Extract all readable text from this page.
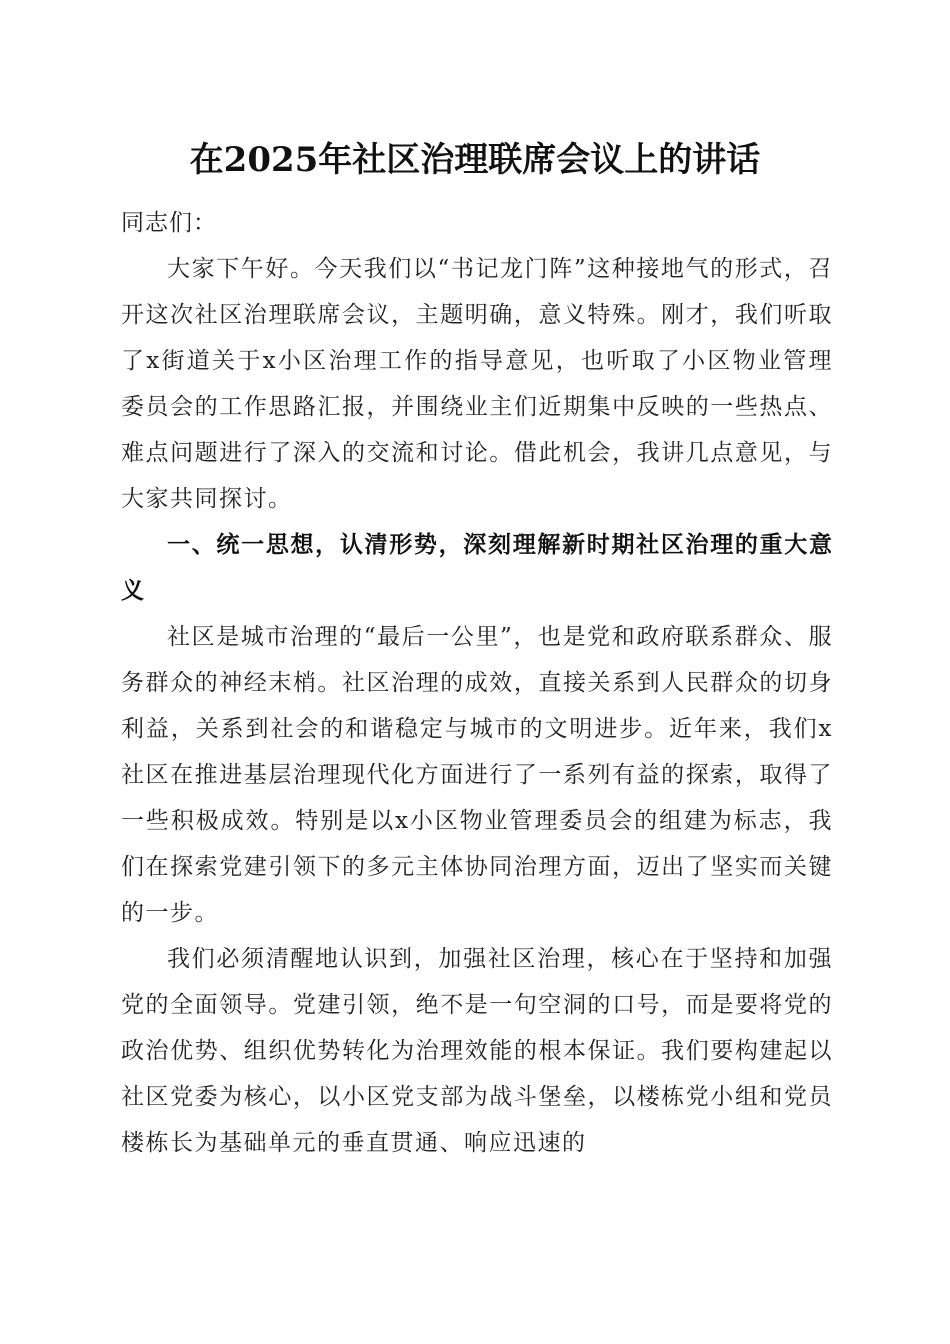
在2025年社区治理联席会议上的讲话

同志们：

大家下午好。今天我们以“书记龙门阵”这种接地气的形式，召开这次社区治理联席会议，主题明确，意义特殊。刚才，我们听取了x街道关于x小区治理工作的指导意见，也听取了小区物业管理委员会的工作思路汇报，并围绕业主们近期集中反映的一些热点、难点问题进行了深入的交流和讨论。借此机会，我讲几点意见，与大家共同探讨。

一、统一思想，认清形势，深刻理解新时期社区治理的重大意义

社区是城市治理的“最后一公里”，也是党和政府联系群众、服务群众的神经末梢。社区治理的成效，直接关系到人民群众的切身利益，关系到社会的和谐稳定与城市的文明进步。近年来，我们x社区在推进基层治理现代化方面进行了一系列有益的探索，取得了一些积极成效。特别是以x小区物业管理委员会的组建为标志，我们在探索党建引领下的多元主体协同治理方面，迈出了坚实而关键的一步。

我们必须清醒地认识到，加强社区治理，核心在于坚持和加强党的全面领导。党建引领，绝不是一句空洞的口号，而是要将党的政治优势、组织优势转化为治理效能的根本保证。我们要构建起以社区党委为核心，以小区党支部为战斗堡垒，以楼栋党小组和党员楼栋长为基础单元的垂直贯通、响应迅速的
